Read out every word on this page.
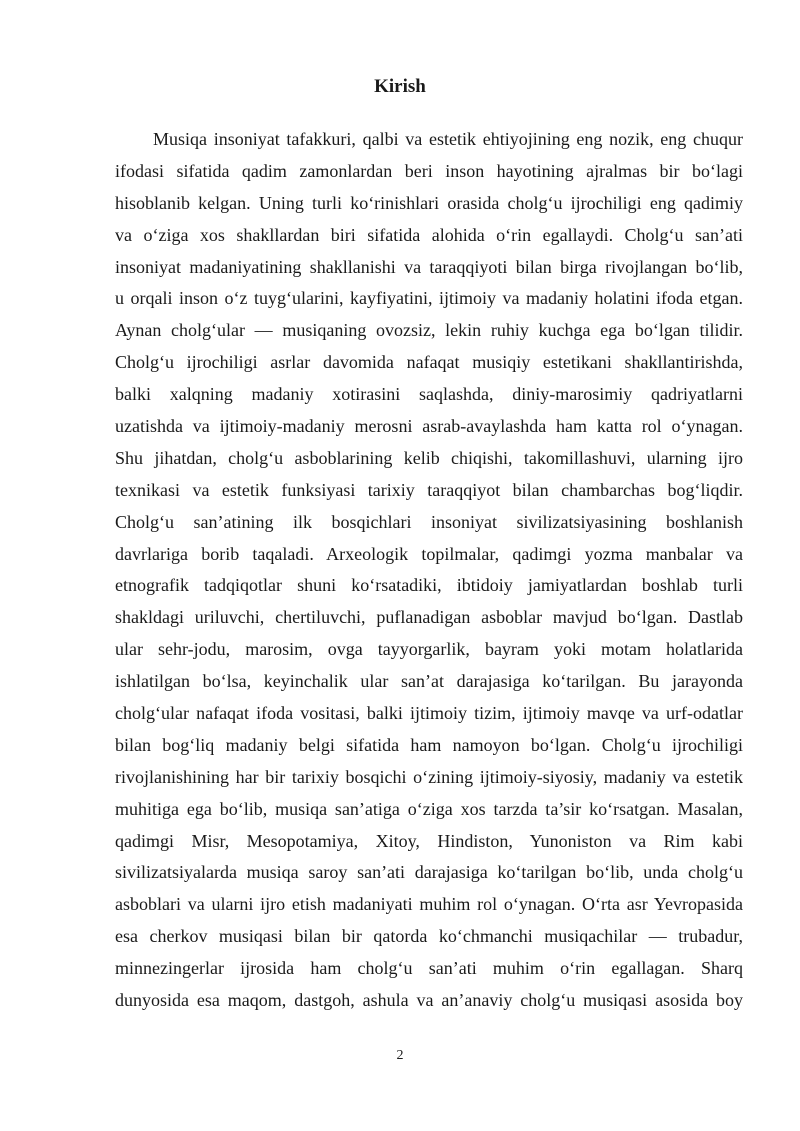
Kirish
Musiqa insoniyat tafakkuri, qalbi va estetik ehtiyojining eng nozik, eng chuqur
ifodasi sifatida qadim zamonlardan beri inson hayotining ajralmas bir bo‘lagi
hisoblanib kelgan. Uning turli ko‘rinishlari orasida cholg‘u ijrochiligi eng qadimiy
va o‘ziga xos shakllardan biri sifatida alohida o‘rin egallaydi. Cholg‘u san’ati
insoniyat madaniyatining shakllanishi va taraqqiyoti bilan birga rivojlangan bo‘lib,
u orqali inson o‘z tuyg‘ularini, kayfiyatini, ijtimoiy va madaniy holatini ifoda etgan.
Aynan cholg‘ular — musiqaning ovozsiz, lekin ruhiy kuchga ega bo‘lgan tilidir.
Cholg‘u ijrochiligi asrlar davomida nafaqat musiqiy estetikani shakllantirishda,
balki xalqning madaniy xotirasini saqlashda, diniy-marosimiy qadriyatlarni
uzatishda va ijtimoiy-madaniy merosni asrab-avaylashda ham katta rol o‘ynagan.
Shu jihatdan, cholg‘u asboblarining kelib chiqishi, takomillashuvi, ularning ijro
texnikasi va estetik funksiyasi tarixiy taraqqiyot bilan chambarchas bog‘liqdir.
Cholg‘u san’atining ilk bosqichlari insoniyat sivilizatsiyasining boshlanish
davrlariga borib taqaladi. Arxeologik topilmalar, qadimgi yozma manbalar va
etnografik tadqiqotlar shuni ko‘rsatadiki, ibtidoiy jamiyatlardan boshlab turli
shakldagi uriluvchi, chertiluvchi, puflanadigan asboblar mavjud bo‘lgan. Dastlab
ular sehr-jodu, marosim, ovga tayyorgarlik, bayram yoki motam holatlarida
ishlatilgan bo‘lsa, keyinchalik ular san’at darajasiga ko‘tarilgan. Bu jarayonda
cholg‘ular nafaqat ifoda vositasi, balki ijtimoiy tizim, ijtimoiy mavqe va urf-odatlar
bilan bog‘liq madaniy belgi sifatida ham namoyon bo‘lgan. Cholg‘u ijrochiligi
rivojlanishining har bir tarixiy bosqichi o‘zining ijtimoiy-siyosiy, madaniy va estetik
muhitiga ega bo‘lib, musiqa san’atiga o‘ziga xos tarzda ta’sir ko‘rsatgan. Masalan,
qadimgi Misr, Mesopotamiya, Xitoy, Hindiston, Yunoniston va Rim kabi
sivilizatsiyalarda musiqa saroy san’ati darajasiga ko‘tarilgan bo‘lib, unda cholg‘u
asboblari va ularni ijro etish madaniyati muhim rol o‘ynagan. O‘rta asr Yevropasida
esa cherkov musiqasi bilan bir qatorda ko‘chmanchi musiqachilar — trubadur,
minnezingerlar ijrosida ham cholg‘u san’ati muhim o‘rin egallagan. Sharq
dunyosida esa maqom, dastgoh, ashula va an’anaviy cholg‘u musiqasi asosida boy
2
